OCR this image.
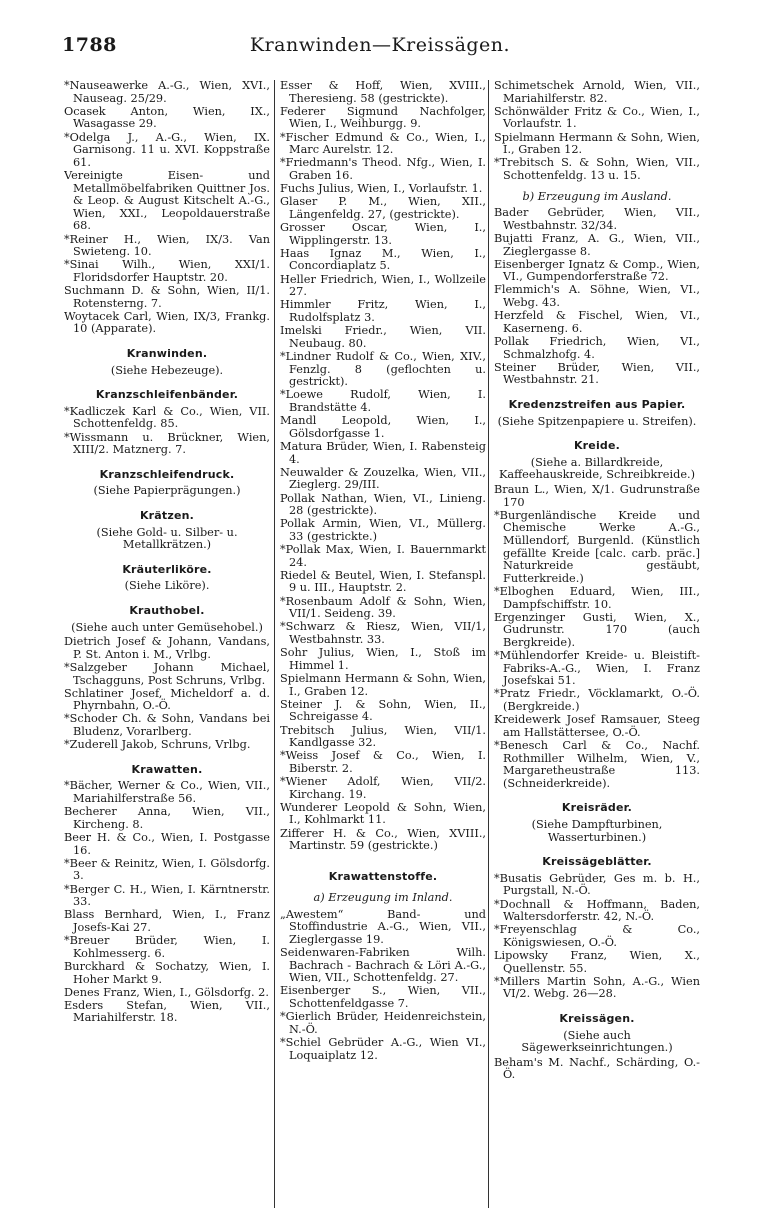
1788	Kranwinden—Kreissägen.
*Nauseawerke A.-G., Wien, XVI., Nauseag. 25/29.
Ocasek Anton, Wien, IX., Wasagasse 29.
*Odelga J., A.-G., Wien, IX. Garnisong. 11 u. XVI. Koppstraße 61.
Vereinigte Eisen- und Metallmöbelfabriken Quittner Jos. & Leop. & August Kitschelt A.-G., Wien, XXI., Leopoldauerstraße 68.
*Reiner H., Wien, IX/3. Van Swieteng. 10.
*Sinai Wilh., Wien, XXI/1. Floridsdorfer Hauptstr. 20.
Suchmann D. & Sohn, Wien, II/1. Rotensterng. 7.
Woytacek Carl, Wien, IX/3, Frankg. 10 (Apparate).
Kranwinden.
(Siehe Hebezeuge).
Kranzschleifenbänder.
*Kadliczek Karl & Co., Wien, VII. Schottenfeldg. 85.
*Wissmann u. Brückner, Wien, XIII/2. Matznerg. 7.
Kranzschleifendruck.
(Siehe Papierprägungen.)
Krätzen.
(Siehe Gold- u. Silber- u. Metallkrätzen.)
Kräuterliköre.
(Siehe Liköre).
Krauthobel.
(Siehe auch unter Gemüsehobel.)
Dietrich Josef & Johann, Vandans, P. St. Anton i. M., Vrlbg.
*Salzgeber Johann Michael, Tschagguns, Post Schruns, Vrlbg.
Schlatiner Josef, Micheldorf a. d. Phyrnbahn, O.-Ö.
*Schoder Ch. & Sohn, Vandans bei Bludenz, Vorarlberg.
*Zuderell Jakob, Schruns, Vrlbg.
Krawatten.
*Bächer, Werner & Co., Wien, VII., Mariahilferstraße 56.
Becherer Anna, Wien, VII., Kircheng. 8.
Beer H. & Co., Wien, I. Postgasse 16.
*Beer & Reinitz, Wien, I. Gölsdorfg. 3.
*Berger C. H., Wien, I. Kärntnerstr. 33.
Blass Bernhard, Wien, I., Franz Josefs-Kai 27.
*Breuer Brüder, Wien, I. Kohlmesserg. 6.
Burckhard & Sochatzy, Wien, I. Hoher Markt 9.
Denes Franz, Wien, I., Gölsdorfg. 2.
Esders Stefan, Wien, VII., Mariahilferstr. 18.
Esser & Hoff, Wien, XVIII., Theresieng. 58 (gestrickte).
Federer Sigmund Nachfolger, Wien, I., Weihburgg. 9.
*Fischer Edmund & Co., Wien, I., Marc Aurelstr. 12.
*Friedmann's Theod. Nfg., Wien, I. Graben 16.
Fuchs Julius, Wien, I., Vorlaufstr. 1.
Glaser P. M., Wien, XII., Längenfeldg. 27, (gestrickte).
Grosser Oscar, Wien, I., Wipplingerstr. 13.
Haas Ignaz M., Wien, I., Concordiaplatz 5.
Heller Friedrich, Wien, I., Wollzeile 27.
Himmler Fritz, Wien, I., Rudolfsplatz 3.
Imelski Friedr., Wien, VII. Neubaug. 80.
*Lindner Rudolf & Co., Wien, XIV., Fenzlg. 8 (geflochten u. gestrickt).
*Loewe Rudolf, Wien, I. Brandstätte 4.
Mandl Leopold, Wien, I., Gölsdorfgasse 1.
Matura Brüder, Wien, I. Rabensteig 4.
Neuwalder & Zouzelka, Wien, VII., Zieglerg. 29/III.
Pollak Nathan, Wien, VI., Linieng. 28 (gestrickte).
Pollak Armin, Wien, VI., Müllerg. 33 (gestrickte.)
*Pollak Max, Wien, I. Bauernmarkt 24.
Riedel & Beutel, Wien, I. Stefanspl. 9 u. III., Hauptstr. 2.
*Rosenbaum Adolf & Sohn, Wien, VII/1. Seideng. 39.
*Schwarz & Riesz, Wien, VII/1, Westbahnstr. 33.
Sohr Julius, Wien, I., Stoß im Himmel 1.
Spielmann Hermann & Sohn, Wien, I., Graben 12.
Steiner J. & Sohn, Wien, II., Schreigasse 4.
Trebitsch Julius, Wien, VII/1. Kandlgasse 32.
*Weiss Josef & Co., Wien, I. Biberstr. 2.
*Wiener Adolf, Wien, VII/2. Kirchang. 19.
Wunderer Leopold & Sohn, Wien, I., Kohlmarkt 11.
Zifferer H. & Co., Wien, XVIII., Martinstr. 59 (gestrickte.)
Krawattenstoffe.
a) Erzeugung im Inland.
„Awestem“ Band- und Stoffindustrie A.-G., Wien, VII., Zieglergasse 19.
Seidenwaren-Fabriken Wilh. Bachrach - Bachrach & Löri A.-G., Wien, VII., Schottenfeldg. 27.
Eisenberger S., Wien, VII., Schottenfeldgasse 7.
*Gierlich Brüder, Heidenreichstein, N.-Ö.
*Schiel Gebrüder A.-G., Wien VI., Loquaiplatz 12.
Schimetschek Arnold, Wien, VII., Mariahilferstr. 82.
Schönwälder Fritz & Co., Wien, I., Vorlaufstr. 1.
Spielmann Hermann & Sohn, Wien, I., Graben 12.
*Trebitsch S. & Sohn, Wien, VII., Schottenfeldg. 13 u. 15.
b) Erzeugung im Ausland.
Bader Gebrüder, Wien, VII., Westbahnstr. 32/34.
Bujatti Franz, A. G., Wien, VII., Zieglergasse 8.
Eisenberger Ignatz & Comp., Wien, VI., Gumpendorferstraße 72.
Flemmich's A. Söhne, Wien, VI., Webg. 43.
Herzfeld & Fischel, Wien, VI., Kaserneng. 6.
Pollak Friedrich, Wien, VI., Schmalzhofg. 4.
Steiner Brüder, Wien, VII., Westbahnstr. 21.
Kredenzstreifen aus Papier.
(Siehe Spitzenpapiere u. Streifen).
Kreide.
(Siehe a. Billardkreide, Kaffeehauskreide, Schreibkreide.)
Braun L., Wien, X/1. Gudrunstraße 170
*Burgenländische Kreide und Chemische Werke A.-G., Müllendorf, Burgenld. (Künstlich gefällte Kreide [calc. carb. präc.] Naturkreide gestäubt, Futterkreide.)
*Elboghen Eduard, Wien, III., Dampfschiffstr. 10.
Ergenzinger Gusti, Wien, X., Gudrunstr. 170 (auch Bergkreide).
*Mühlendorfer Kreide- u. Bleistift-Fabriks-A.-G., Wien, I. Franz Josefskai 51.
*Pratz Friedr., Vöcklamarkt, O.-Ö. (Bergkreide.)
Kreidewerk Josef Ramsauer, Steeg am Hallstättersee, O.-Ö.
*Benesch Carl & Co., Nachf. Rothmiller Wilhelm, Wien, V., Margaretheustraße 113. (Schneiderkreide).
Kreisräder.
(Siehe Dampfturbinen, Wasserturbinen.)
Kreissägeblätter.
*Busatis Gebrüder, Ges m. b. H., Purgstall, N.-Ö.
*Dochnall & Hoffmann, Baden, Waltersdorferstr. 42, N.-Ö.
*Freyenschlag & Co., Königswiesen, O.-Ö.
Lipowsky Franz, Wien, X., Quellenstr. 55.
*Millers Martin Sohn, A.-G., Wien VI/2. Webg. 26—28.
Kreissägen.
(Siehe auch Sägewerkseinrichtungen.)
Beham's M. Nachf., Schärding, O.-Ö.
